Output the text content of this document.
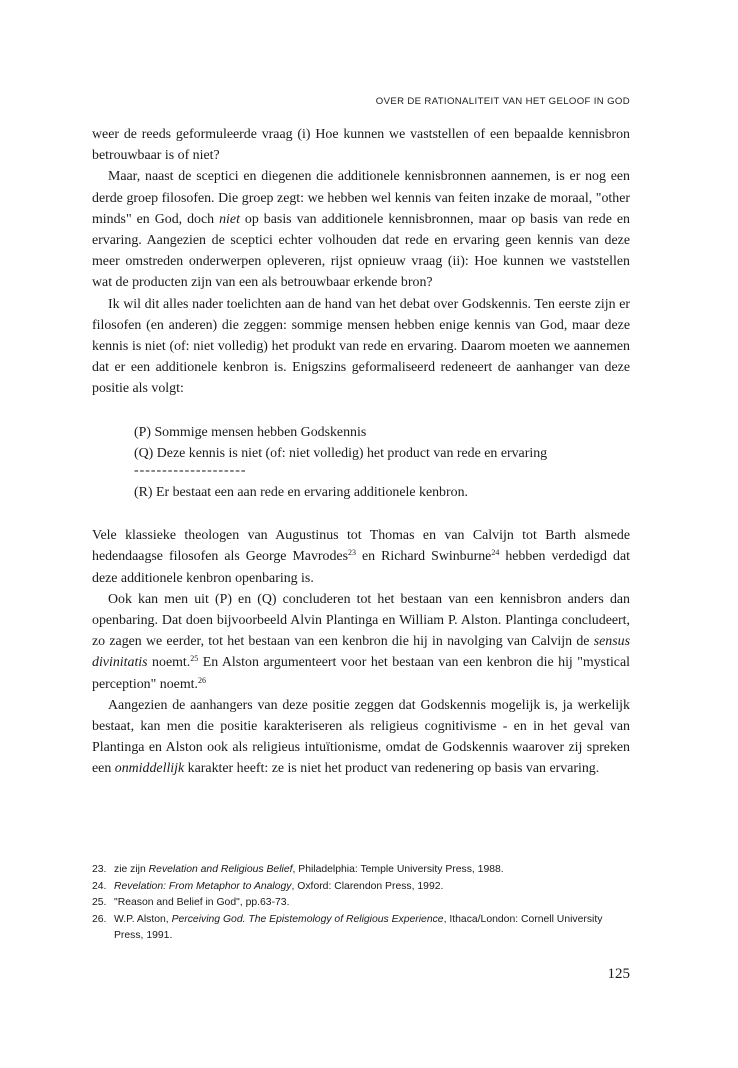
OVER DE RATIONALITEIT VAN HET GELOOF IN GOD

weer de reeds geformuleerde vraag (i) Hoe kunnen we vaststellen of een bepaalde kennisbron betrouwbaar is of niet?

Maar, naast de sceptici en diegenen die additionele kennisbronnen aannemen, is er nog een derde groep filosofen. Die groep zegt: we hebben wel kennis van feiten inzake de moraal, "other minds" en God, doch niet op basis van additionele kennisbronnen, maar op basis van rede en ervaring. Aangezien de sceptici echter volhouden dat rede en ervaring geen kennis van deze meer omstreden onderwerpen opleveren, rijst opnieuw vraag (ii): Hoe kunnen we vaststellen wat de producten zijn van een als betrouwbaar erkende bron?

Ik wil dit alles nader toelichten aan de hand van het debat over Godskennis. Ten eerste zijn er filosofen (en anderen) die zeggen: sommige mensen hebben enige kennis van God, maar deze kennis is niet (of: niet volledig) het produkt van rede en ervaring. Daarom moeten we aannemen dat er een additionele kenbron is. Enigszins geformaliseerd redeneert de aanhanger van deze positie als volgt:

(P) Sommige mensen hebben Godskennis
(Q) Deze kennis is niet (of: niet volledig) het product van rede en ervaring
--------------------
(R) Er bestaat een aan rede en ervaring additionele kenbron.

Vele klassieke theologen van Augustinus tot Thomas en van Calvijn tot Barth alsmede hedendaagse filosofen als George Mavrodes$^{23}$ en Richard Swinburne$^{24}$ hebben verdedigd dat deze additionele kenbron openbaring is.

Ook kan men uit (P) en (Q) concluderen tot het bestaan van een kennisbron anders dan openbaring. Dat doen bijvoorbeeld Alvin Plantinga en William P. Alston. Plantinga concludeert, zo zagen we eerder, tot het bestaan van een kenbron die hij in navolging van Calvijn de sensus divinitatis noemt.$^{25}$ En Alston argumenteert voor het bestaan van een kenbron die hij "mystical perception" noemt.$^{26}$

Aangezien de aanhangers van deze positie zeggen dat Godskennis mogelijk is, ja werkelijk bestaat, kan men die positie karakteriseren als religieus cognitivisme - en in het geval van Plantinga en Alston ook als religieus intuïtionisme, omdat de Godskennis waarover zij spreken een onmiddellijk karakter heeft: ze is niet het product van redenering op basis van ervaring.

23. zie zijn Revelation and Religious Belief, Philadelphia: Temple University Press, 1988.
24. Revelation: From Metaphor to Analogy, Oxford: Clarendon Press, 1992.
25. "Reason and Belief in God", pp.63-73.
26. W.P. Alston, Perceiving God. The Epistemology of Religious Experience, Ithaca/London: Cornell University Press, 1991.
125
